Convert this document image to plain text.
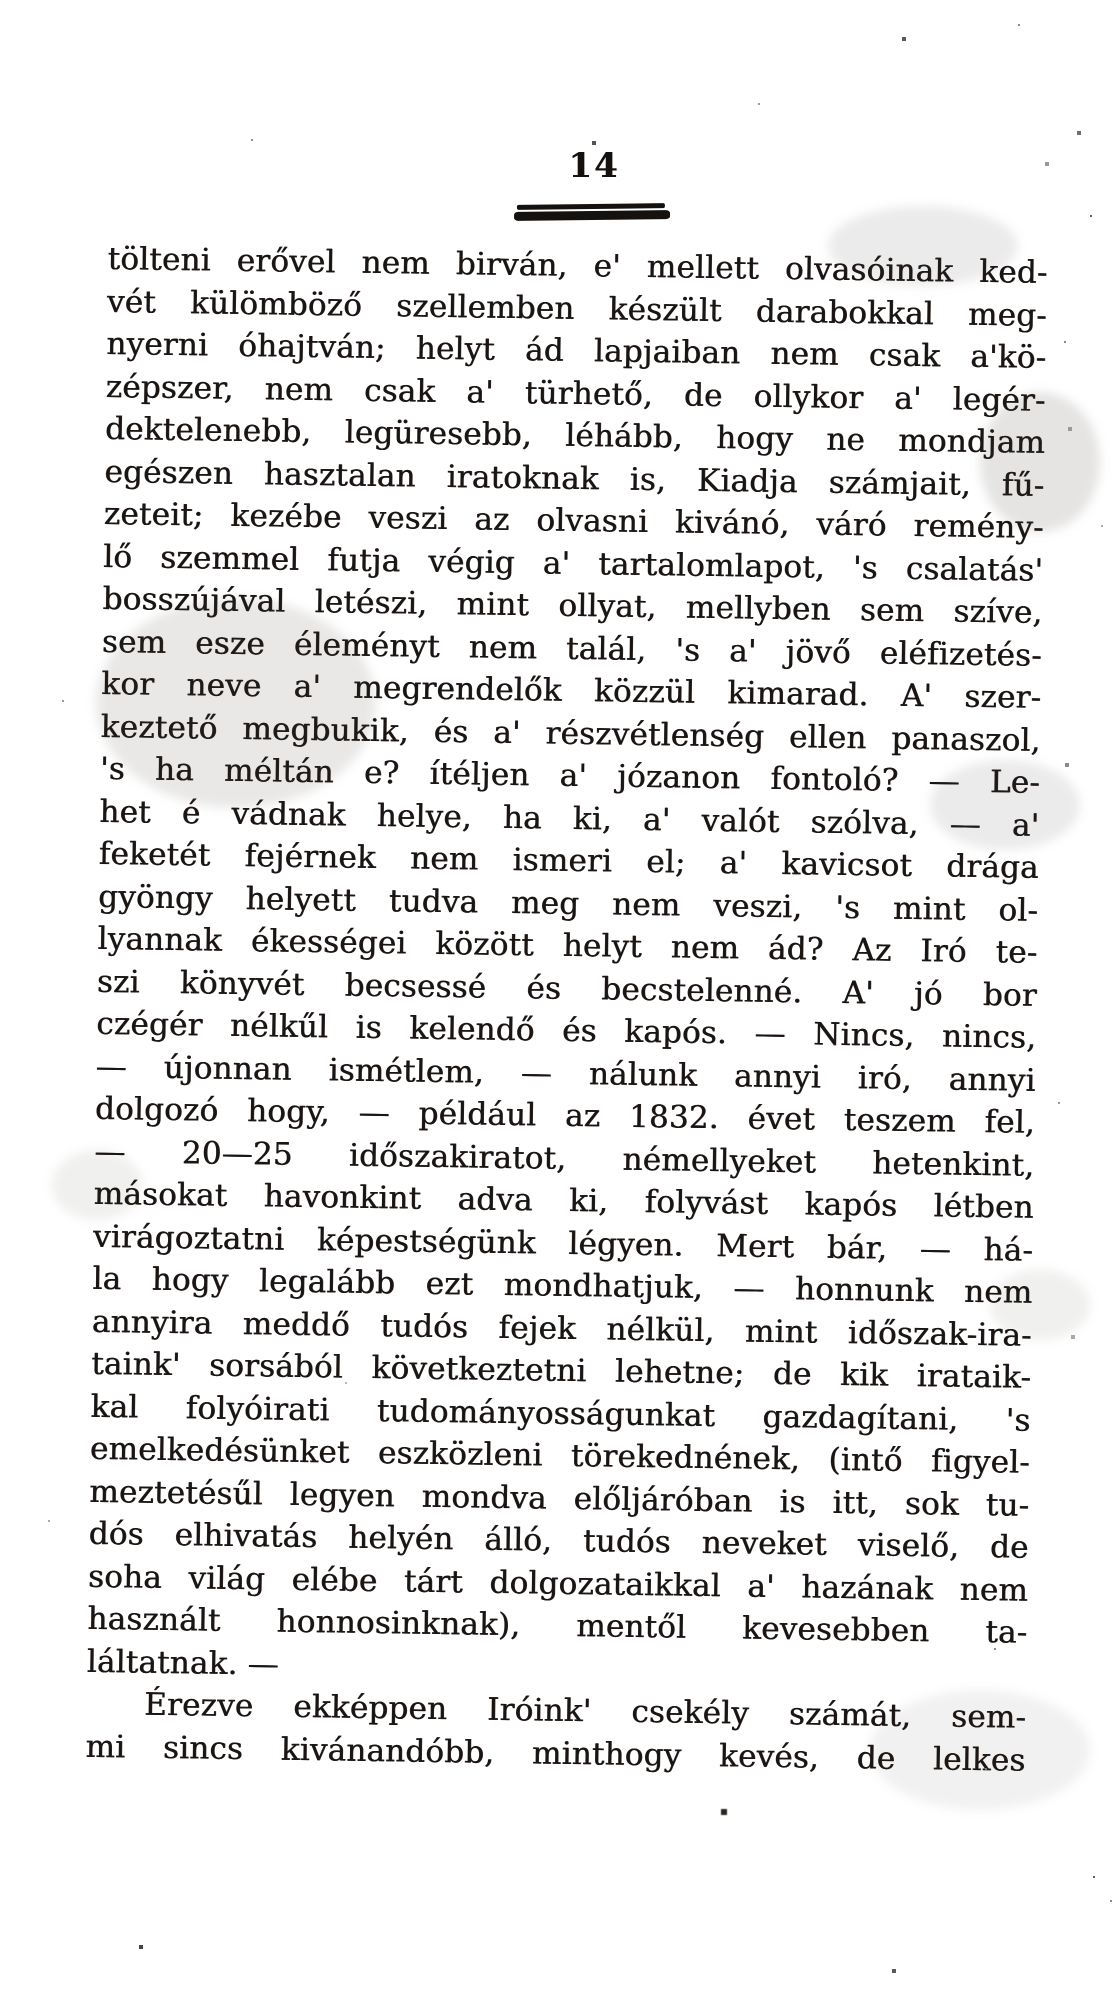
14
tölteni erővel nem birván, e' mellett olvasóinak ked-
vét külömböző szellemben készült darabokkal meg-
nyerni óhajtván; helyt ád lapjaiban nem csak a'kö-
zépszer, nem csak a' türhető, de ollykor a' legér-
dektelenebb, legüresebb, léhább, hogy ne mondjam
egészen hasztalan iratoknak is, Kiadja számjait, fű-
zeteit; kezébe veszi az olvasni kivánó, váró remény-
lő szemmel futja végig a' tartalomlapot, 's csalatás'
bosszújával letészi, mint ollyat, mellyben sem szíve,
sem esze éleményt nem talál, 's a' jövő eléfizetés-
kor neve a' megrendelők közzül kimarad. A' szer-
keztető megbukik, és a' részvétlenség ellen panaszol,
's ha méltán e? ítéljen a' józanon fontoló? — Le-
het é vádnak helye, ha ki, a' valót szólva, — a'
feketét fejérnek nem ismeri el; a' kavicsot drága
gyöngy helyett tudva meg nem veszi, 's mint ol-
lyannak ékességei között helyt nem ád? Az Iró te-
szi könyvét becsessé és becstelenné. A' jó bor
czégér nélkűl is kelendő és kapós. — Nincs, nincs,
— újonnan ismétlem, — nálunk annyi iró, annyi
dolgozó hogy, — például az 1832. évet teszem fel,
— 20—25 időszakiratot, némellyeket hetenkint,
másokat havonkint adva ki, folyvást kapós létben
virágoztatni képestségünk légyen. Mert bár, — há-
la hogy legalább ezt mondhatjuk, — honnunk nem
annyira meddő tudós fejek nélkül, mint időszak-ira-
taink' sorsából következtetni lehetne; de kik irataik-
kal folyóirati tudományosságunkat gazdagítani, 's
emelkedésünket eszközleni törekednének, (intő figyel-
meztetésűl legyen mondva előljáróban is itt, sok tu-
dós elhivatás helyén álló, tudós neveket viselő, de
soha világ elébe tárt dolgozataikkal a' hazának nem
használt honnosinknak), mentől kevesebben ta-
láltatnak. —
Érezve ekképpen Iróink' csekély számát, sem-
mi sincs kivánandóbb, minthogy kevés, de lelkes
